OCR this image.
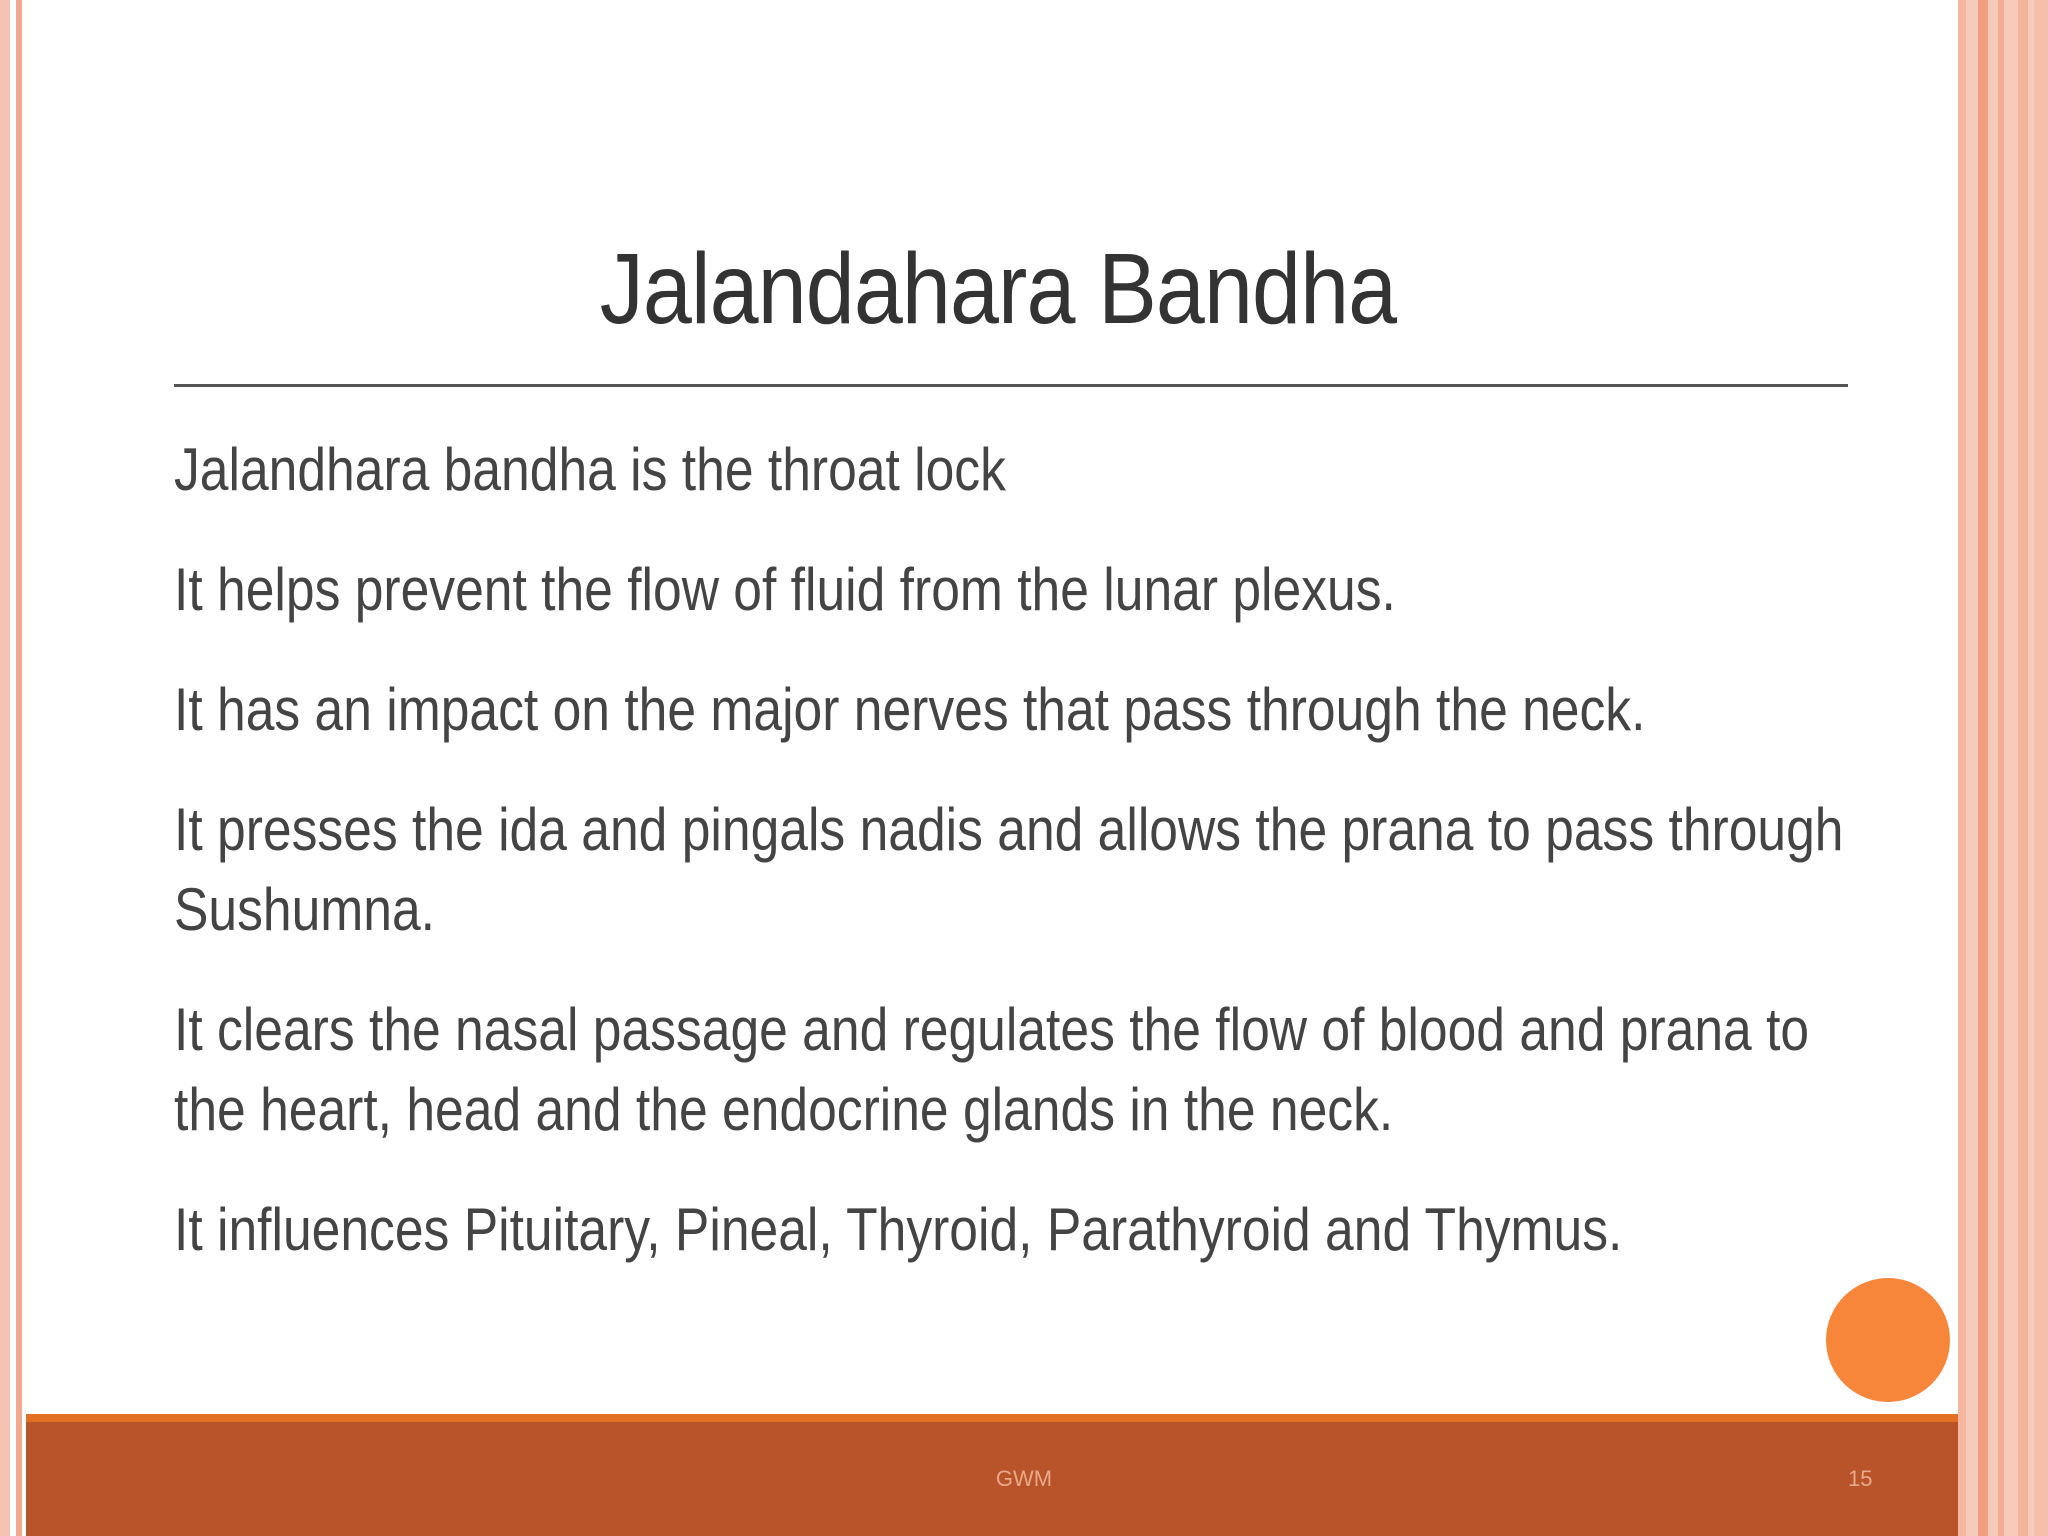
Jalandahara Bandha
Jalandhara bandha is the throat lock
It helps prevent the flow of fluid from the lunar plexus.
It has an impact on the major nerves that pass through the neck.
It presses the ida and pingals nadis and allows the prana to pass through
Sushumna.
It clears the nasal passage and regulates the flow of blood and prana to
the heart, head and the endocrine glands in the neck.
It influences Pituitary, Pineal, Thyroid, Parathyroid and Thymus.
GWM	15
